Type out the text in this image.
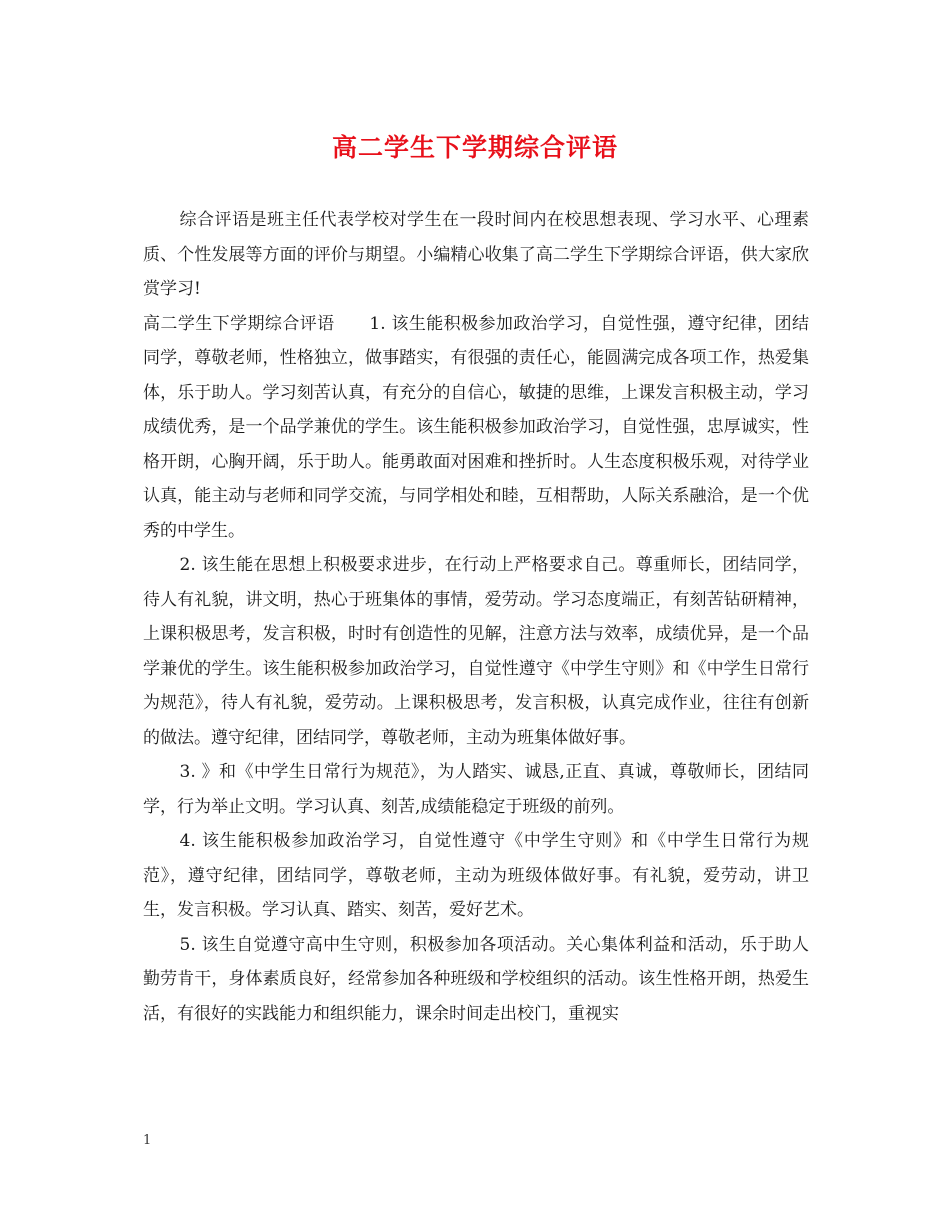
高二学生下学期综合评语

综合评语是班主任代表学校对学生在一段时间内在校思想表现、学习水平、心理素质、个性发展等方面的评价与期望。小编精心收集了高二学生下学期综合评语，供大家欣赏学习!

高二学生下学期综合评语　　1. 该生能积极参加政治学习，自觉性强，遵守纪律，团结同学，尊敬老师，性格独立，做事踏实，有很强的责任心，能圆满完成各项工作，热爱集体，乐于助人。学习刻苦认真，有充分的自信心，敏捷的思维，上课发言积极主动，学习成绩优秀，是一个品学兼优的学生。该生能积极参加政治学习，自觉性强，忠厚诚实，性格开朗，心胸开阔，乐于助人。能勇敢面对困难和挫折时。人生态度积极乐观，对待学业认真，能主动与老师和同学交流，与同学相处和睦，互相帮助，人际关系融洽，是一个优秀的中学生。

2. 该生能在思想上积极要求进步，在行动上严格要求自己。尊重师长，团结同学，待人有礼貌，讲文明，热心于班集体的事情，爱劳动。学习态度端正，有刻苦钻研精神，上课积极思考，发言积极，时时有创造性的见解，注意方法与效率，成绩优异，是一个品学兼优的学生。该生能积极参加政治学习，自觉性遵守《中学生守则》和《中学生日常行为规范》，待人有礼貌，爱劳动。上课积极思考，发言积极，认真完成作业，往往有创新的做法。遵守纪律，团结同学，尊敬老师，主动为班集体做好事。

3. 》和《中学生日常行为规范》，为人踏实、诚恳,正直、真诚，尊敬师长，团结同学，行为举止文明。学习认真、刻苦,成绩能稳定于班级的前列。

4. 该生能积极参加政治学习，自觉性遵守《中学生守则》和《中学生日常行为规范》，遵守纪律，团结同学，尊敬老师，主动为班级体做好事。有礼貌，爱劳动，讲卫生，发言积极。学习认真、踏实、刻苦，爱好艺术。

5. 该生自觉遵守高中生守则，积极参加各项活动。关心集体利益和活动，乐于助人勤劳肯干，身体素质良好，经常参加各种班级和学校组织的活动。该生性格开朗，热爱生活，有很好的实践能力和组织能力，课余时间走出校门，重视实

1
